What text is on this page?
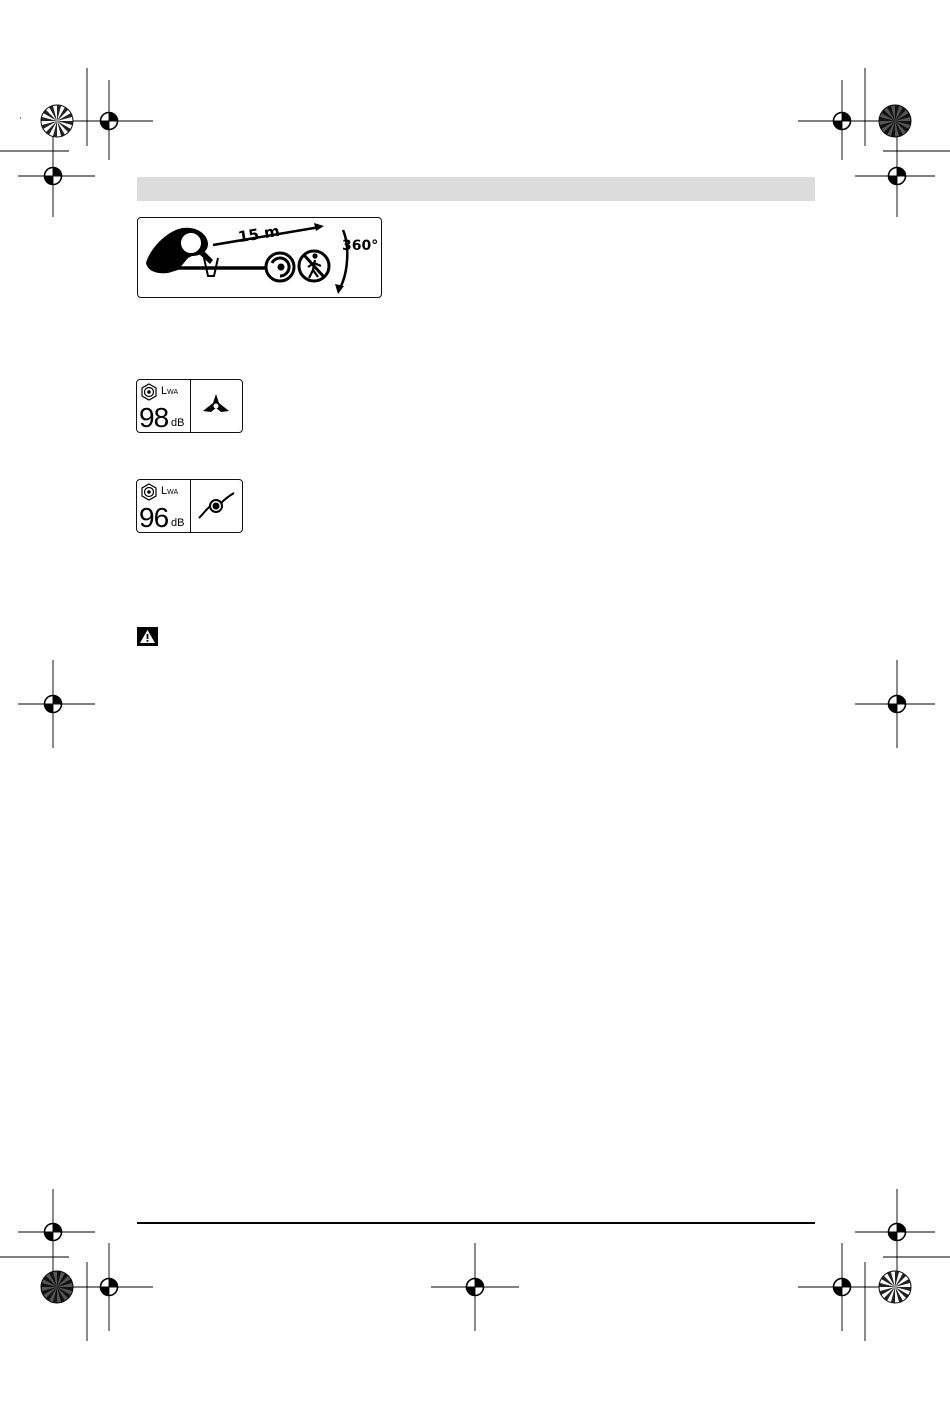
15 m	360°
LWA
98 dB
LWA
96 dB
